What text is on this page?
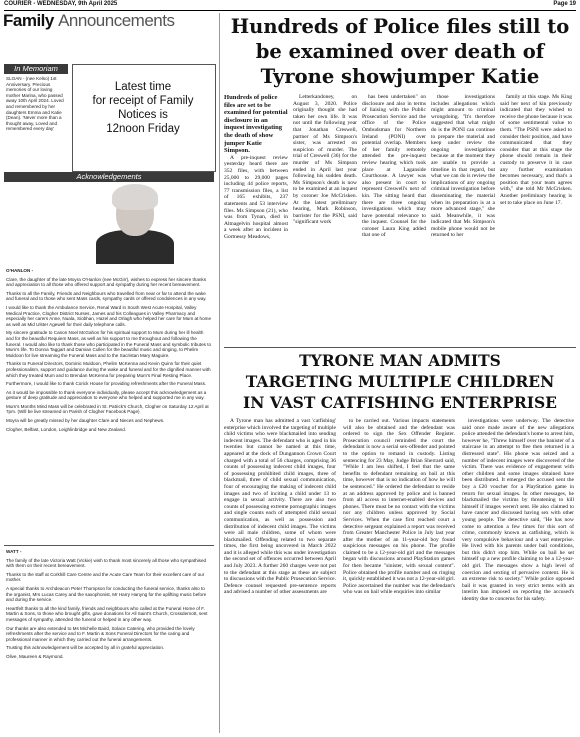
COURIER - WEDNESDAY, 9th April 2025	Page 19
Family Announcements
In Memoriam
SLOAN - (nee Kelso) 1st Anniversary. Precious memories of our loving mother Marina, who passed away 10th April 2024. Loved and remembered by her daughters Emma and Katie (Dean). 'Never more than a thought away, Loved and remembered every day'
Latest time
for receipt of Family
Notices is
12noon Friday
Acknowledgements

O'HANLON -

Clare, the daughter of the late Moyra O'Hanlon (nee McGirr), wishes to express her sincere thanks and appreciation to all those who offered support and sympathy during her recent bereavement.

Thanks to all the Family, Friends and Neighbours who travelled from near or far to attend the wake and funeral and to those who sent Mass cards, sympathy cards or offered condolences in any way.

I would like to thank the Ambulance Service, Renal Ward in South West Acute Hospital, Valley Medical Practice, Clogher District Nurses, James and his Colleagues in Valley Pharmacy and especially her carers Anne, Nuala, Siobhan, Hazel and Orlagh who helped her care for Mum at home as well as Mid Ulster Agewell for their daily telephone calls.

My sincere gratitude to Canon Noel McGahon for his spiritual support to Mum during her ill health and for the beautiful Requiem Mass, as well as his support to me throughout and following the funeral. I would also like to thank those who participated in the Funeral Mass and symbolic tributes to Mum's life. To Donna Taggart and Damian Cullen for the beautiful music and singing, to Phelim Muldoon for live streaming the Funeral Mass and to the Sacristan Mary Maguire.

Thanks to Funeral Directors, Dominic Muldoon, Phelim McKenna and Kevin Quinn for their quiet professionalism, support and guidance during the wake and funeral and for the dignified manner with which they treated Mum and to Brendan McKenna for preparing Mum's Final Resting Place.

Furthermore, I would like to thank Corick House for providing refreshments after the Funeral Mass.

As it would be impossible to thank everyone individually, please accept this acknowledgement as a gesture of deep gratitude and appreciation to everyone who helped and supported me in any way.

Mum's Months Mind Mass will be celebrated in St. Patrick's Church, Clogher on Saturday 12 April at 7pm. (Will be live streamed on Parish of Clogher Facebook Page)

Moyra will be greatly missed by her daughter Clare and Nieces and Nephews.

Clogher, Belfast, London, Leighlinbridge and New Zealand.

WATT -

The family of the late Victoria Watt (Vickie) wish to thank most sincerely all those who sympathised with them on their recent bereavement.

Thanks to the staff at Corkhill Care Centre and the Acute Care Team for their excellent care of our mother.

A special thanks to Archdeacon Peter Thompson for conducting the funeral service, thanks also to the organist, Mrs Lucas Carey and the saxophonist, Mr Harry Hanyng for the uplifting music before and during the service.

Heartfelt thanks to all the kind family, friends and neighbours who called at the Funeral Home of F. Martin & Sons, to those who brought gifts, gave donations for All Saint's Church, Crossdernott, sent messages of sympathy, attended the funeral or helped in any other way.

Our thanks are also extended to Ms Michelle Baird, Solace Catering, who provided the lovely refreshments after the service and to F. Martin & Sons Funeral Directors for the caring and professional manner in which they carried out the funeral arrangements.

Trusting this acknowledgement will be accepted by all in grateful appreciation.

Olive, Maureen & Raymond.

Hundreds of Police files still to be examined over death of Tyrone showjumper Katie
Hundreds of police files are set to be examined for potential disclosure in an inquest investigating the death of show jumper Katie Simpson.

A pre-inquest review yesterday heard there are 352 files, with between 25,000 to 29,000 pages including 44 police reports, 77 transmission files, a list of 165 exhibits, 237 statements and 53 interview files. Ms Simpson (21), who was from Tynan, died in Altnagelvin hospital almost a week after an incident in Gortnessy Meadows,

Letterkandoney, on August 3, 2020. Police originally thought she had taken her own life. It was not until the following year that Jonathan Creswell, partner of Ms Simpson's sister, was arrested on suspicion of murder. The trial of Creswell (36) for the murder of Ms Simpson ended in April last year following his sudden death. Ms Simpson's death is now to be examined at an inquest by coroner Joe McCrisken. At the latest preliminary hearing, Mark Robinson, barrister for the PSNI, said "significant work

has been undertaken" on disclosure and also in terms of liaising with the Public Prosecution Service and the office of the Police Ombudsman for Northern Ireland (PONI) over potential overlap. Members of her family remotely attended the pre-inquest review hearing which took place at Laganside Courthouse. A lawyer was also present in court to represent Creswell's next of kin. The sitting heard that there are three ongoing investigations which may have potential relevance to the inquest. Counsel for the coroner Laura King added that one of

those investigations includes allegations which might amount to criminal wrongdoing. "It's therefore suggested that what might do is the PONI can continue to prepare the material and keep under review the ongoing investigations because at the moment they are unable to provide a timeline in that regard, but what we can do is review the implications of any ongoing criminal investigation before disseminating the material when its preparation is at a more advanced stage," she said. Meanwhile, it was indicated that Ms Simpson's mobile phone would not be returned to her

family at this stage. Ms King said her next of kin previously indicated that they wished to receive the phone because it was of some sentimental value to them. "The PSNI were asked to consider their position, and have communicated that they consider that at this stage the phone should remain in their custody to preserve it in case any further examination becomes necessary, and that's a position that your team agrees with," she told Mr McCrisken. Another preliminary hearing is set to take place on June 17.

TYRONE MAN ADMITS
TARGETING MULTIPLE CHILDREN
IN VAST CATFISHING ENTERPRISE

A Tyrone man has admitted a vast 'catfishing' enterprise which involved the targeting of multiple child victims who were blackmailed into sending indecent images. The defendant who is aged in his twenties but cannot be named at this time, appeared at the dock of Dungannon Crown Court charged with a total of 56 charges, comprising 36 counts of possessing indecent child images, four of possessing prohibited child images, three of blackmail, three of child sexual communication, four of encouraging the making of indecent child images and two of inciting a child under 13 to engage in sexual activity. There are also two counts of possessing extreme pornographic images and single counts each of attempted child sexual communication, as well as possession and distribution of indecent child images. The victims were all male children, some of whom were blackmailed. Offending related to two separate times, the first being uncovered in March 2022 and it is alleged while this was under investigation the second set of offences occurred between April and July 2023. A further 260 charges were not put to the defendant at this stage as these are subject to discussions with the Public Prosecution Service. Defence counsel requested pre-sentence reports and advised a number of other assessments are

to be carried out. Various impacts statements will also be obtained and the defendant was ordered to sign the Sex Offender Register. Prosecution council reminded the court the defendant is now a serial sex-offender and pointed to the option to remand in custody. Listing sentencing for 23 May, Judge Brian Sherrard said, "While I am less shifted, I feel that the same benefits to defendant remaining on bail at this time, however that is no indication of how he will be sentenced." He ordered the defendant to reside at an address approved by police and is banned from all access to internet-enabled devices and phones. There must be no contact with the victims nor any children unless approved by Social Services. When the case first reached court a detective sergeant explained a report was received from Greater Manchester Police in July last year after the mother of an 11-year-old boy found suspicious messages on his phone. The profile claimed to be a 12-year-old girl and the messages began with discussions around PlayStation games for then became "sinister, with sexual content". Police obtained the profile number and on ringing it, quickly established it was not a 12-year-old girl. Police ascertained the number was the defendant's who was on bail while enquiries into similar

investigations were underway. The detective said once made aware of the new allegations police attended the defendant's home to arrest him, however he, "Threw himself over the banister of a staircase in an attempt to flee then returned in a distressed state". His phone was seized and a number of indecent images were discovered of the victim. There was evidence of engagement with other children and some images obtained have been distributed. It emerged the accused sent the boy a £20 voucher for a PlayStation game in return for sexual images. In other messages, he blackmailed the victims by threatening to kill himself if images weren't sent. He also claimed to have cancer and discussed having sex with other young people. The detective said, "He has now come to attention a few times for this sort of crime, commonly known as catfishing, which is very compulsive behaviour and a vast enterprise. He lived with his parents under bail conditions, but this didn't stop him. While on bail he set himself up a new profile claiming to be a 12-year-old girl. The messages show a high level of coercion and sexting of pervasive content. He is an extreme risk to society." While police opposed bail it was granted in very strict terms with an interim ban imposed on reporting the accused's identity due to concerns for his safety.
